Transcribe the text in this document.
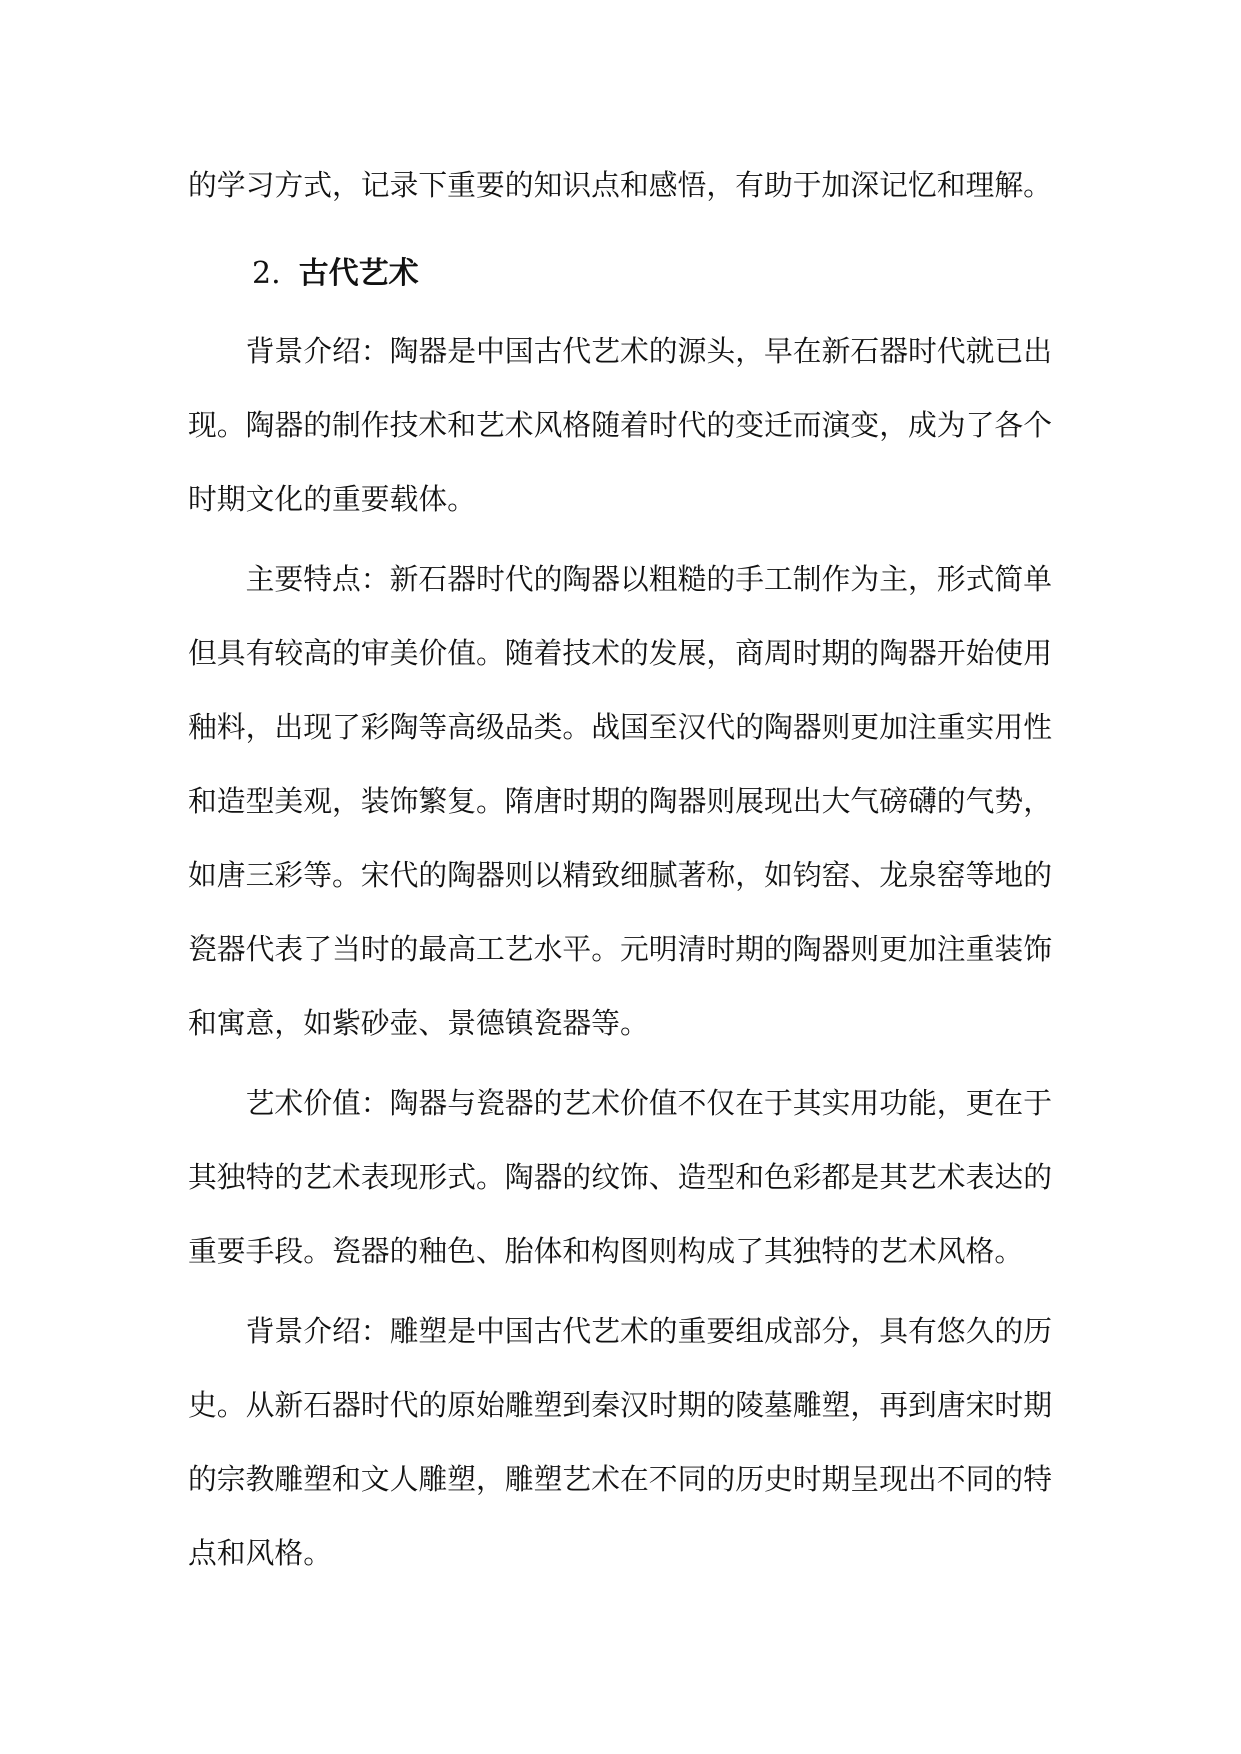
的学习方式，记录下重要的知识点和感悟，有助于加深记忆和理解。

2. 古代艺术

背景介绍：陶器是中国古代艺术的源头，早在新石器时代就已出现。陶器的制作技术和艺术风格随着时代的变迁而演变，成为了各个时期文化的重要载体。

主要特点：新石器时代的陶器以粗糙的手工制作为主，形式简单但具有较高的审美价值。随着技术的发展，商周时期的陶器开始使用釉料，出现了彩陶等高级品类。战国至汉代的陶器则更加注重实用性和造型美观，装饰繁复。隋唐时期的陶器则展现出大气磅礴的气势，如唐三彩等。宋代的陶器则以精致细腻著称，如钧窑、龙泉窑等地的瓷器代表了当时的最高工艺水平。元明清时期的陶器则更加注重装饰和寓意，如紫砂壶、景德镇瓷器等。

艺术价值：陶器与瓷器的艺术价值不仅在于其实用功能，更在于其独特的艺术表现形式。陶器的纹饰、造型和色彩都是其艺术表达的重要手段。瓷器的釉色、胎体和构图则构成了其独特的艺术风格。

背景介绍：雕塑是中国古代艺术的重要组成部分，具有悠久的历史。从新石器时代的原始雕塑到秦汉时期的陵墓雕塑，再到唐宋时期的宗教雕塑和文人雕塑，雕塑艺术在不同的历史时期呈现出不同的特点和风格。
